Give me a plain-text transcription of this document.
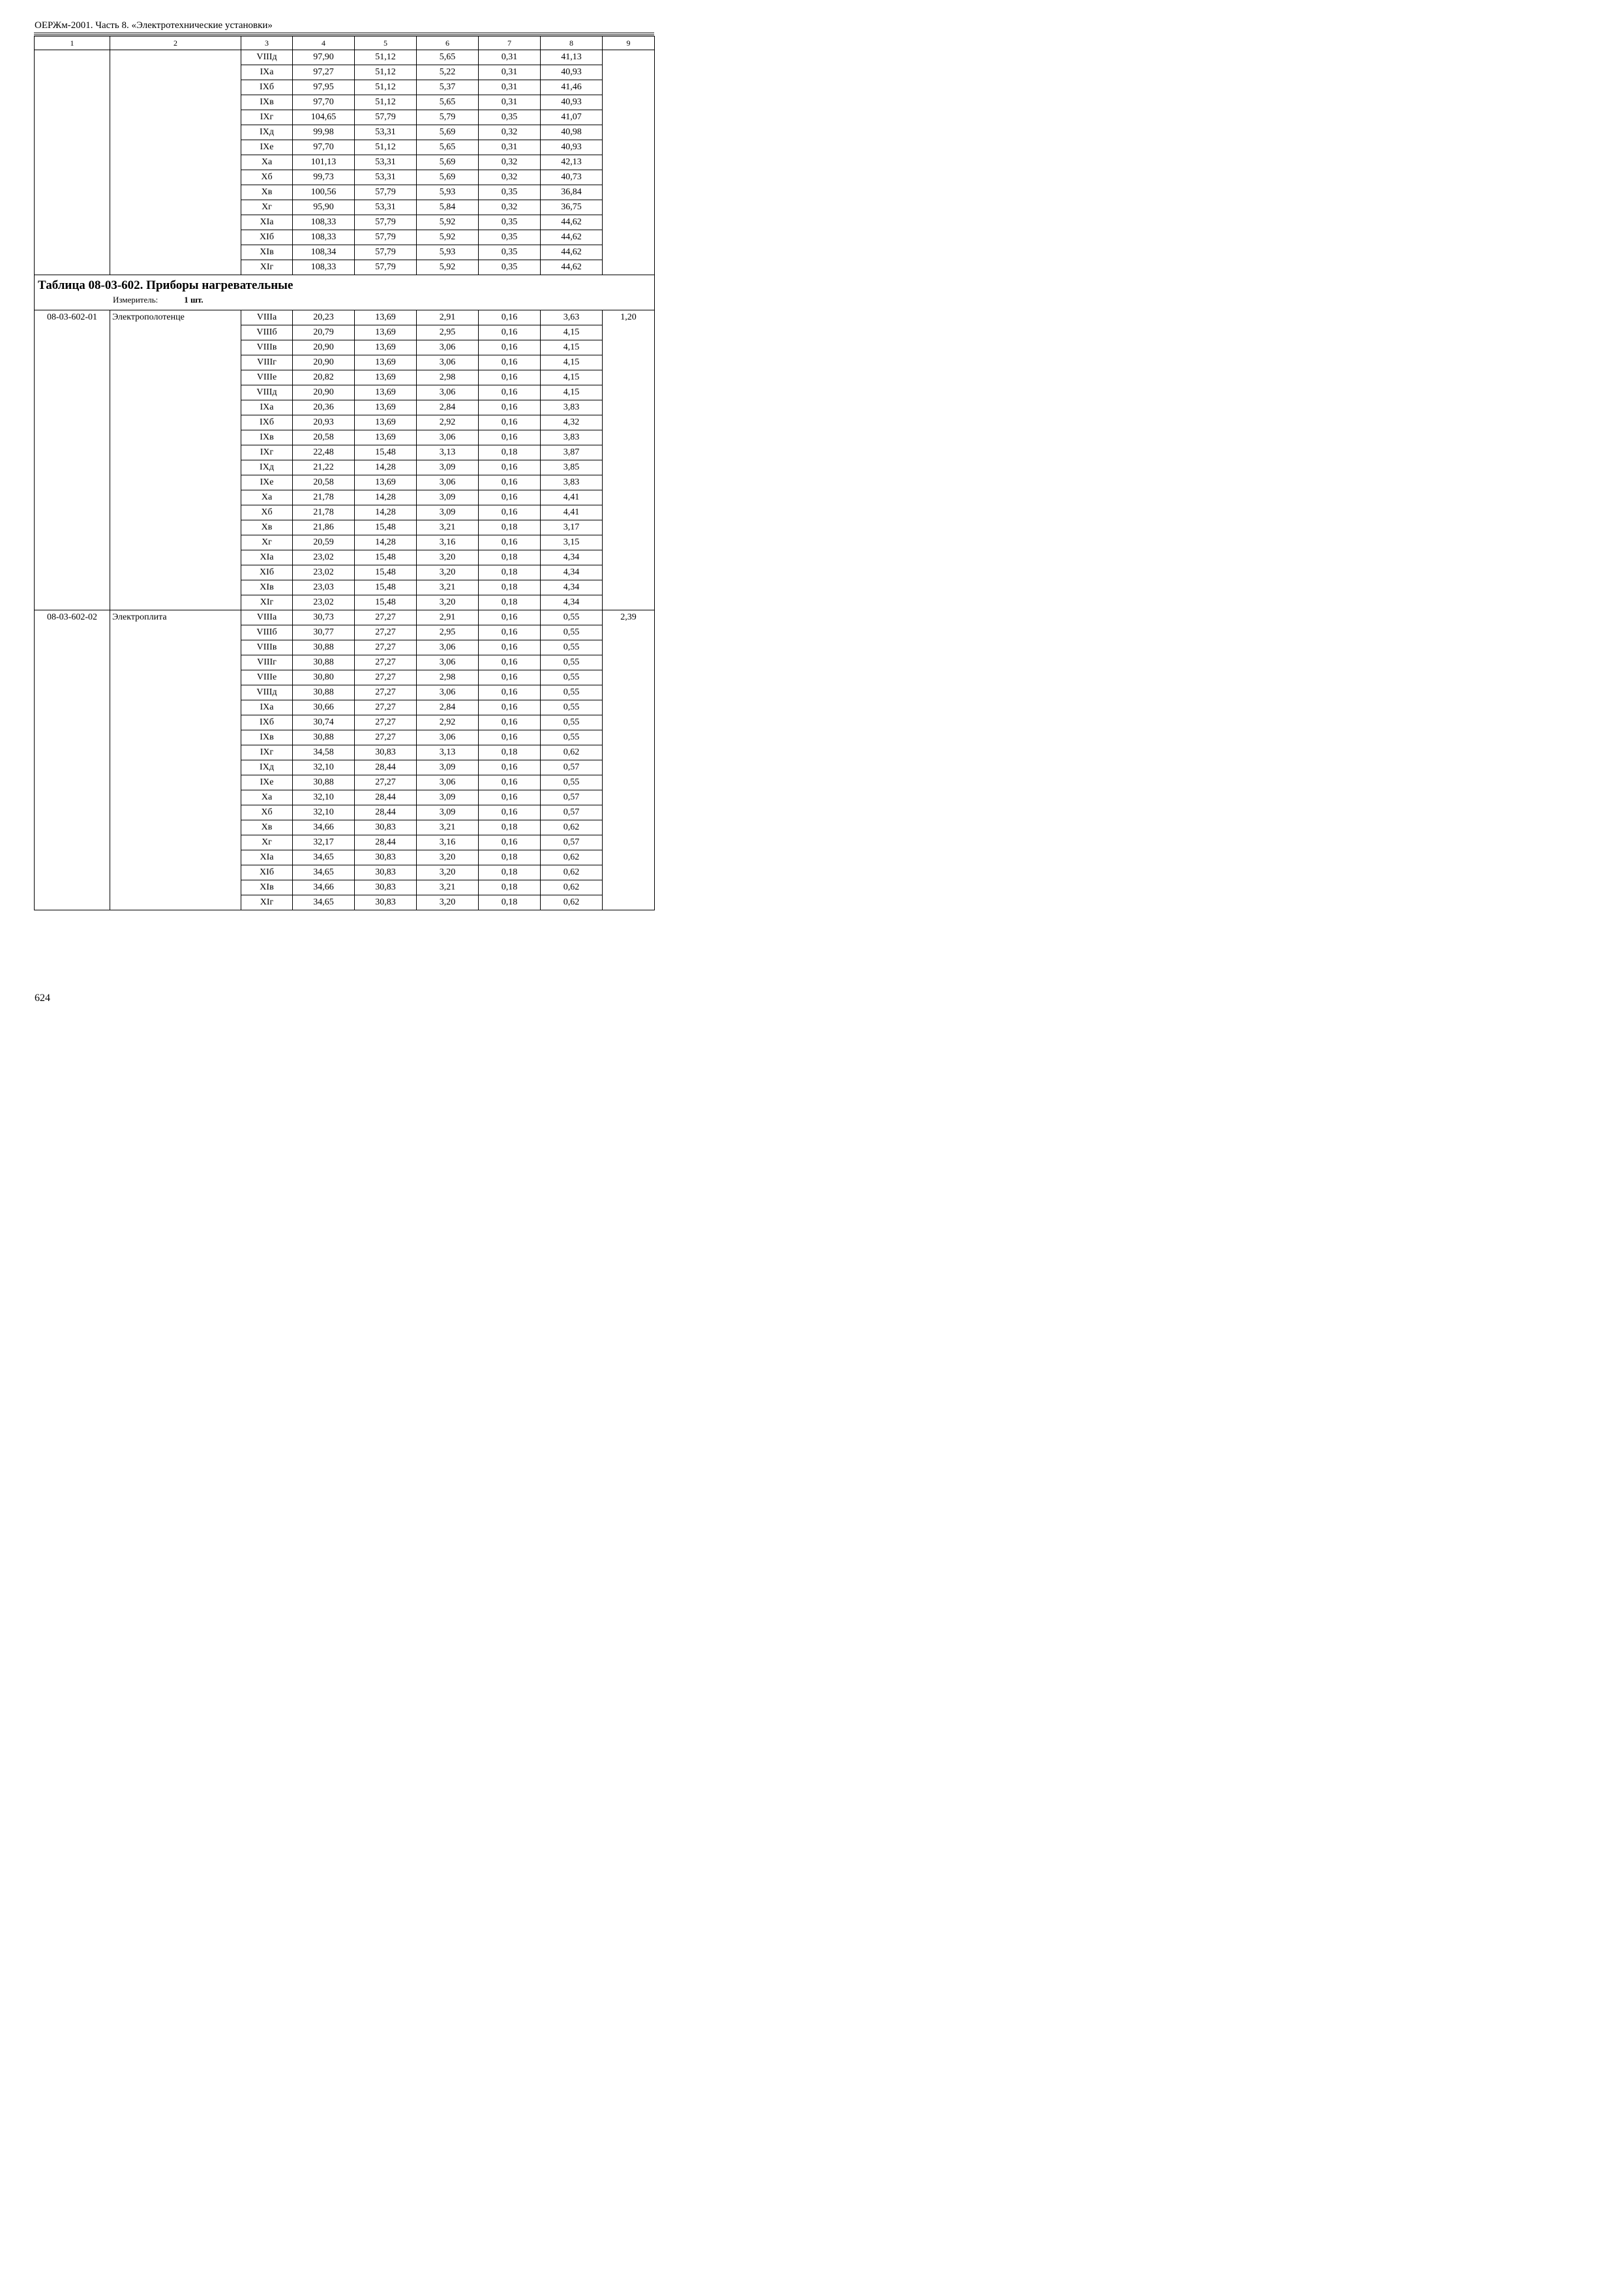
ОЕРЖм-2001. Часть 8. «Электротехнические установки»
1	2	3	4	5	6	7	8	9
		VIIIд	97,90	51,12	5,65	0,31	41,13	
		IXа	97,27	51,12	5,22	0,31	40,93	
		IXб	97,95	51,12	5,37	0,31	41,46	
		IXв	97,70	51,12	5,65	0,31	40,93	
		IXг	104,65	57,79	5,79	0,35	41,07	
		IXд	99,98	53,31	5,69	0,32	40,98	
		IXе	97,70	51,12	5,65	0,31	40,93	
		Xа	101,13	53,31	5,69	0,32	42,13	
		Xб	99,73	53,31	5,69	0,32	40,73	
		Xв	100,56	57,79	5,93	0,35	36,84	
		Xг	95,90	53,31	5,84	0,32	36,75	
		XIа	108,33	57,79	5,92	0,35	44,62	
		XIб	108,33	57,79	5,92	0,35	44,62	
		XIв	108,34	57,79	5,93	0,35	44,62	
		XIг	108,33	57,79	5,92	0,35	44,62	

Таблица 08-03-602. Приборы нагревательные
Измеритель: 1 шт.								

08-03-602-01	Электрополотенце	VIIIа	20,23	13,69	2,91	0,16	3,63	1,20
		VIIIб	20,79	13,69	2,95	0,16	4,15	
		VIIIв	20,90	13,69	3,06	0,16	4,15	
		VIIIг	20,90	13,69	3,06	0,16	4,15	
		VIIIе	20,82	13,69	2,98	0,16	4,15	
		VIIIд	20,90	13,69	3,06	0,16	4,15	
		IXа	20,36	13,69	2,84	0,16	3,83	
		IXб	20,93	13,69	2,92	0,16	4,32	
		IXв	20,58	13,69	3,06	0,16	3,83	
		IXг	22,48	15,48	3,13	0,18	3,87	
		IXд	21,22	14,28	3,09	0,16	3,85	
		IXе	20,58	13,69	3,06	0,16	3,83	
		Xа	21,78	14,28	3,09	0,16	4,41	
		Xб	21,78	14,28	3,09	0,16	4,41	
		Xв	21,86	15,48	3,21	0,18	3,17	
		Xг	20,59	14,28	3,16	0,16	3,15	
		XIа	23,02	15,48	3,20	0,18	4,34	
		XIб	23,02	15,48	3,20	0,18	4,34	
		XIв	23,03	15,48	3,21	0,18	4,34	
		XIг	23,02	15,48	3,20	0,18	4,34	
08-03-602-02	Электроплита	VIIIа	30,73	27,27	2,91	0,16	0,55	2,39
		VIIIб	30,77	27,27	2,95	0,16	0,55	
		VIIIв	30,88	27,27	3,06	0,16	0,55	
		VIIIг	30,88	27,27	3,06	0,16	0,55	
		VIIIе	30,80	27,27	2,98	0,16	0,55	
		VIIIд	30,88	27,27	3,06	0,16	0,55	
		IXа	30,66	27,27	2,84	0,16	0,55	
		IXб	30,74	27,27	2,92	0,16	0,55	
		IXв	30,88	27,27	3,06	0,16	0,55	
		IXг	34,58	30,83	3,13	0,18	0,62	
		IXд	32,10	28,44	3,09	0,16	0,57	
		IXе	30,88	27,27	3,06	0,16	0,55	
		Xа	32,10	28,44	3,09	0,16	0,57	
		Xб	32,10	28,44	3,09	0,16	0,57	
		Xв	34,66	30,83	3,21	0,18	0,62	
		Xг	32,17	28,44	3,16	0,16	0,57	
		XIа	34,65	30,83	3,20	0,18	0,62	
		XIб	34,65	30,83	3,20	0,18	0,62	
		XIв	34,66	30,83	3,21	0,18	0,62	
		XIг	34,65	30,83	3,20	0,18	0,62	
624
